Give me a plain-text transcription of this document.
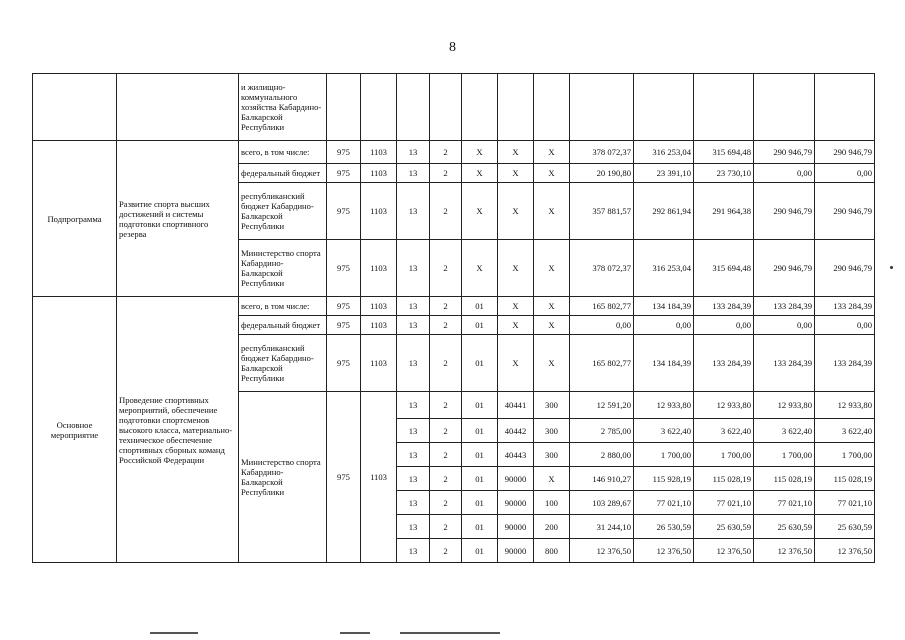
8
		и жилищно-коммунального хозяйства Кабардино-Балкарской Республики												
Подпрограмма	Развитие спорта высших достижений и системы подготовки спортивного резерва	всего, в том числе:	975	1103	13	2	X	X	X	378 072,37	316 253,04	315 694,48	290 946,79	290 946,79
		федеральный бюджет	975	1103	13	2	X	X	X	20 190,80	23 391,10	23 730,10	0,00	0,00
		республиканский бюджет Кабардино-Балкарской Республики	975	1103	13	2	X	X	X	357 881,57	292 861,94	291 964,38	290 946,79	290 946,79
		Министерство спорта Кабардино-Балкарской Республики	975	1103	13	2	X	X	X	378 072,37	316 253,04	315 694,48	290 946,79	290 946,79
Основное мероприятие	Проведение спортивных мероприятий, обеспечение подготовки спортсменов высокого класса, материально-техническое обеспечение спортивных сборных команд Российской Федерации	всего, в том числе:	975	1103	13	2	01	X	X	165 802,77	134 184,39	133 284,39	133 284,39	133 284,39
		федеральный бюджет	975	1103	13	2	01	X	X	0,00	0,00	0,00	0,00	0,00
		республиканский бюджет Кабардино-Балкарской Республики	975	1103	13	2	01	X	X	165 802,77	134 184,39	133 284,39	133 284,39	133 284,39
		Министерство спорта Кабардино-Балкарской Республики	975	1103	13	2	01	40441	300	12 591,20	12 933,80	12 933,80	12 933,80	12 933,80
					13	2	01	40442	300	2 785,00	3 622,40	3 622,40	3 622,40	3 622,40
					13	2	01	40443	300	2 880,00	1 700,00	1 700,00	1 700,00	1 700,00
					13	2	01	90000	X	146 910,27	115 928,19	115 028,19	115 028,19	115 028,19
					13	2	01	90000	100	103 289,67	77 021,10	77 021,10	77 021,10	77 021,10
					13	2	01	90000	200	31 244,10	26 530,59	25 630,59	25 630,59	25 630,59
					13	2	01	90000	800	12 376,50	12 376,50	12 376,50	12 376,50	12 376,50
